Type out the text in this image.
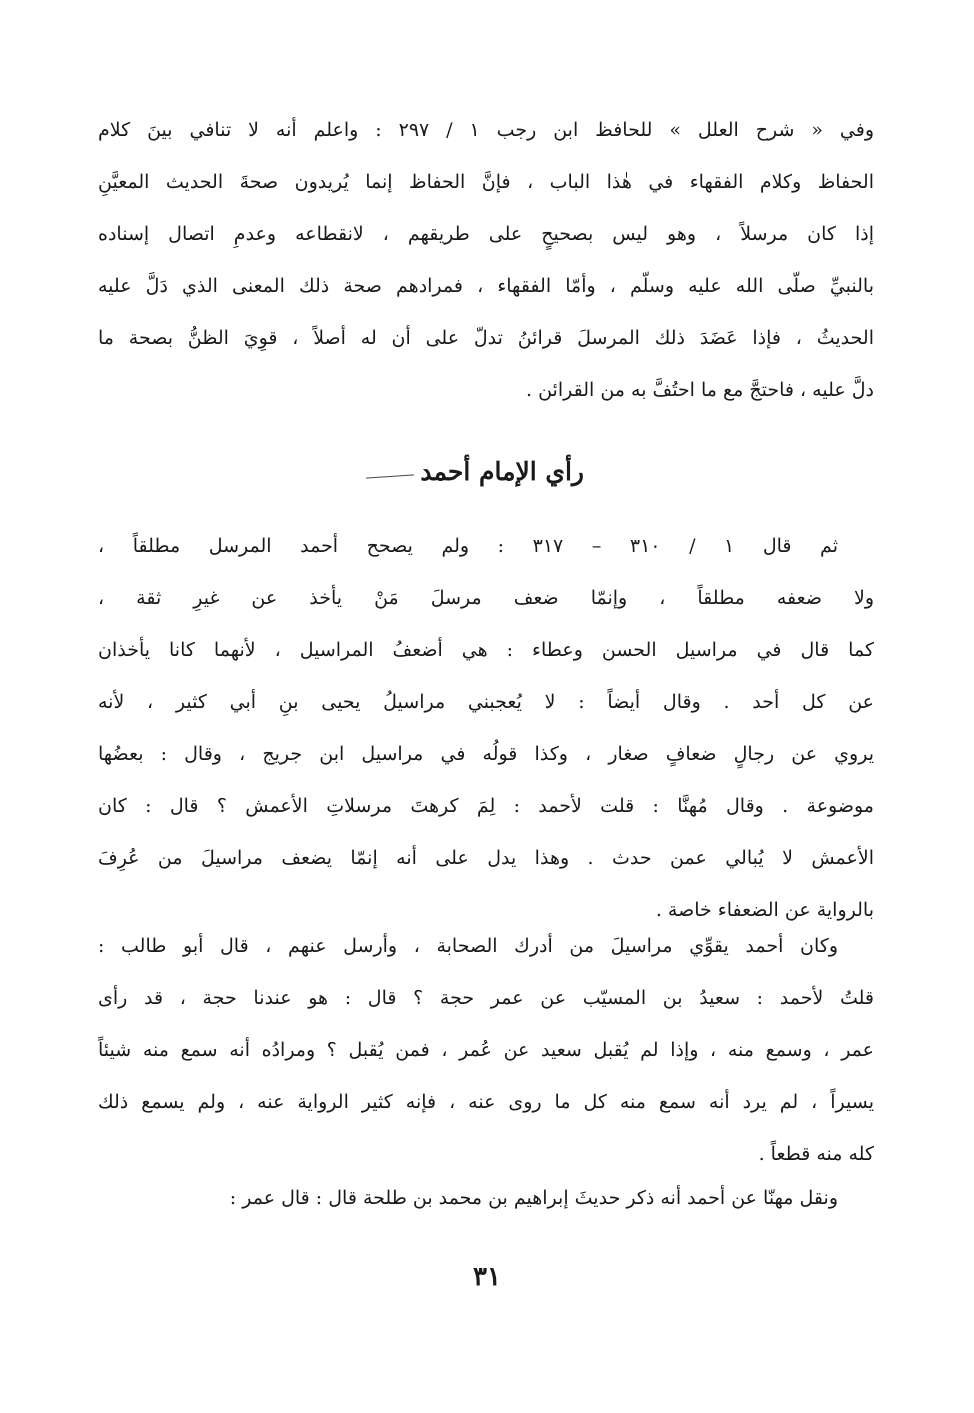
وفي « شرح العلل » للحافظ ابن رجب ١ / ٢٩٧ : واعلم أنه لا تنافي بينَ كلام
الحفاظ وكلام الفقهاء في هٰذا الباب ، فإنَّ الحفاظ إنما يُريدون صحةَ الحديث المعيَّنِ
إذا كان مرسلاً ، وهو ليس بصحيحٍ على طريقهم ، لانقطاعه وعدمِ اتصال إسناده
بالنبيِّ صلّى الله عليه وسلّم ، وأمّا الفقهاء ، فمرادهم صحة ذلك المعنى الذي دَلَّ عليه
الحديثُ ، فإذا عَضَدَ ذلك المرسلَ قرائنُ تدلّ على أن له أصلاً ، قوِيَ الظنُّ بصحة ما
دلَّ عليه ، فاحتجَّ مع ما احتُفَّ به من القرائن .
رأي الإمام أحمد
ثم قال ١ / ٣١٠ – ٣١٧ : ولم يصحح أحمد المرسل مطلقاً ،
ولا ضعفه مطلقاً ، وإنمّا ضعف مرسلَ مَنْ يأخذ عن غيرِ ثقة ،
كما قال في مراسيل الحسن وعطاء : هي أضعفُ المراسيل ، لأنهما كانا يأخذان
عن كل أحد . وقال أيضاً : لا يُعجبني مراسيلُ يحيى بنِ أبي كثير ، لأنه
يروي عن رجالٍ ضعافٍ صغار ، وكذا قولُه في مراسيل ابن جريج ، وقال : بعضُها
موضوعة . وقال مُهنَّا : قلت لأحمد : لِمَ كرهتَ مرسلاتِ الأعمش ؟ قال : كان
الأعمش لا يُبالي عمن حدث . وهذا يدل على أنه إنمّا يضعف مراسيلَ من عُرِفَ
بالرواية عن الضعفاء خاصة .
وكان أحمد يقوِّي مراسيلَ من أدرك الصحابة ، وأرسل عنهم ، قال أبو طالب :
قلتُ لأحمد : سعيدُ بن المسيّب عن عمر حجة ؟ قال : هو عندنا حجة ، قد رأى
عمر ، وسمع منه ، وإذا لم يُقبل سعيد عن عُمر ، فمن يُقبل ؟ ومرادُه أنه سمع منه شيئاً
يسيراً ، لم يرد أنه سمع منه كل ما روى عنه ، فإنه كثير الرواية عنه ، ولم يسمع ذلك
كله منه قطعاً .
ونقل مهنّا عن أحمد أنه ذكر حديثَ إبراهيم بن محمد بن طلحة قال : قال عمر :
٣١
